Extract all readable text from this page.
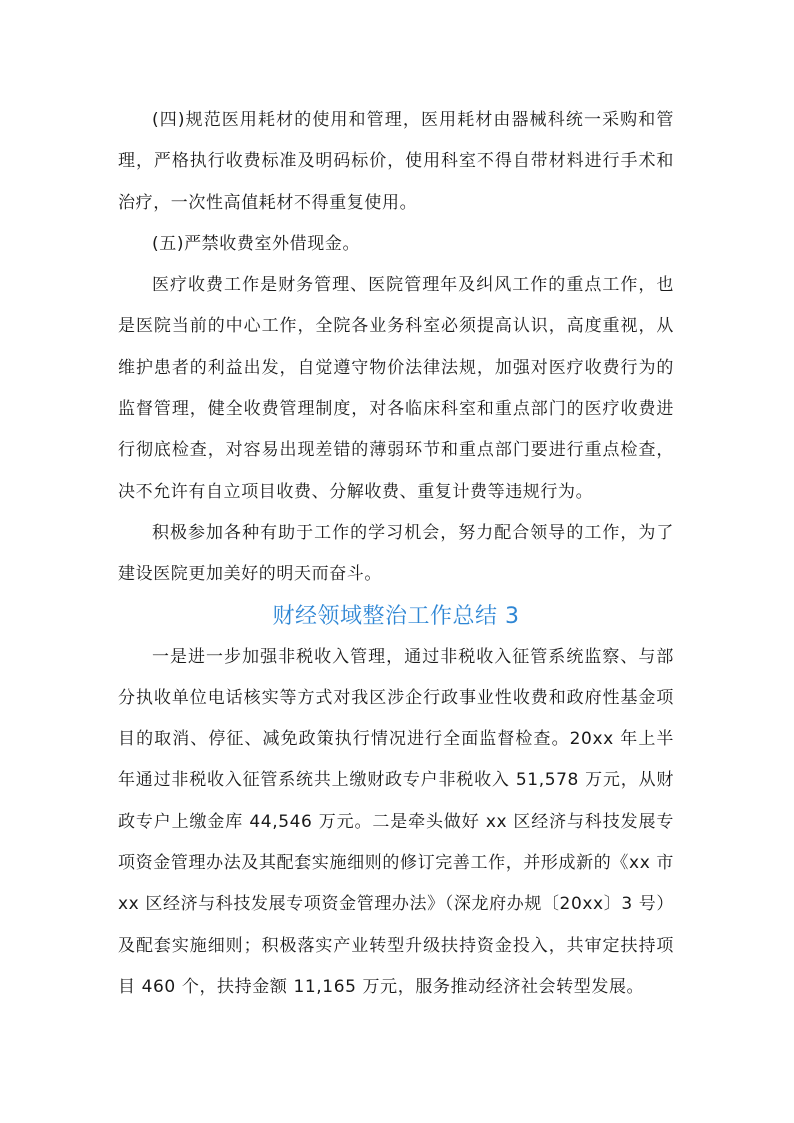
(四)规范医用耗材的使用和管理，医用耗材由器械科统一采购和管理，严格执行收费标准及明码标价，使用科室不得自带材料进行手术和治疗，一次性高值耗材不得重复使用。

(五)严禁收费室外借现金。

医疗收费工作是财务管理、医院管理年及纠风工作的重点工作，也是医院当前的中心工作，全院各业务科室必须提高认识，高度重视，从维护患者的利益出发，自觉遵守物价法律法规，加强对医疗收费行为的监督管理，健全收费管理制度，对各临床科室和重点部门的医疗收费进行彻底检查，对容易出现差错的薄弱环节和重点部门要进行重点检查，决不允许有自立项目收费、分解收费、重复计费等违规行为。

积极参加各种有助于工作的学习机会，努力配合领导的工作，为了建设医院更加美好的明天而奋斗。

财经领域整治工作总结 3

一是进一步加强非税收入管理，通过非税收入征管系统监察、与部分执收单位电话核实等方式对我区涉企行政事业性收费和政府性基金项目的取消、停征、减免政策执行情况进行全面监督检查。20xx 年上半年通过非税收入征管系统共上缴财政专户非税收入 51,578 万元，从财政专户上缴金库 44,546 万元。二是牵头做好 xx 区经济与科技发展专项资金管理办法及其配套实施细则的修订完善工作，并形成新的《xx 市 xx 区经济与科技发展专项资金管理办法》（深龙府办规〔20xx〕3 号）及配套实施细则；积极落实产业转型升级扶持资金投入，共审定扶持项目 460 个，扶持金额 11,165 万元，服务推动经济社会转型发展。
